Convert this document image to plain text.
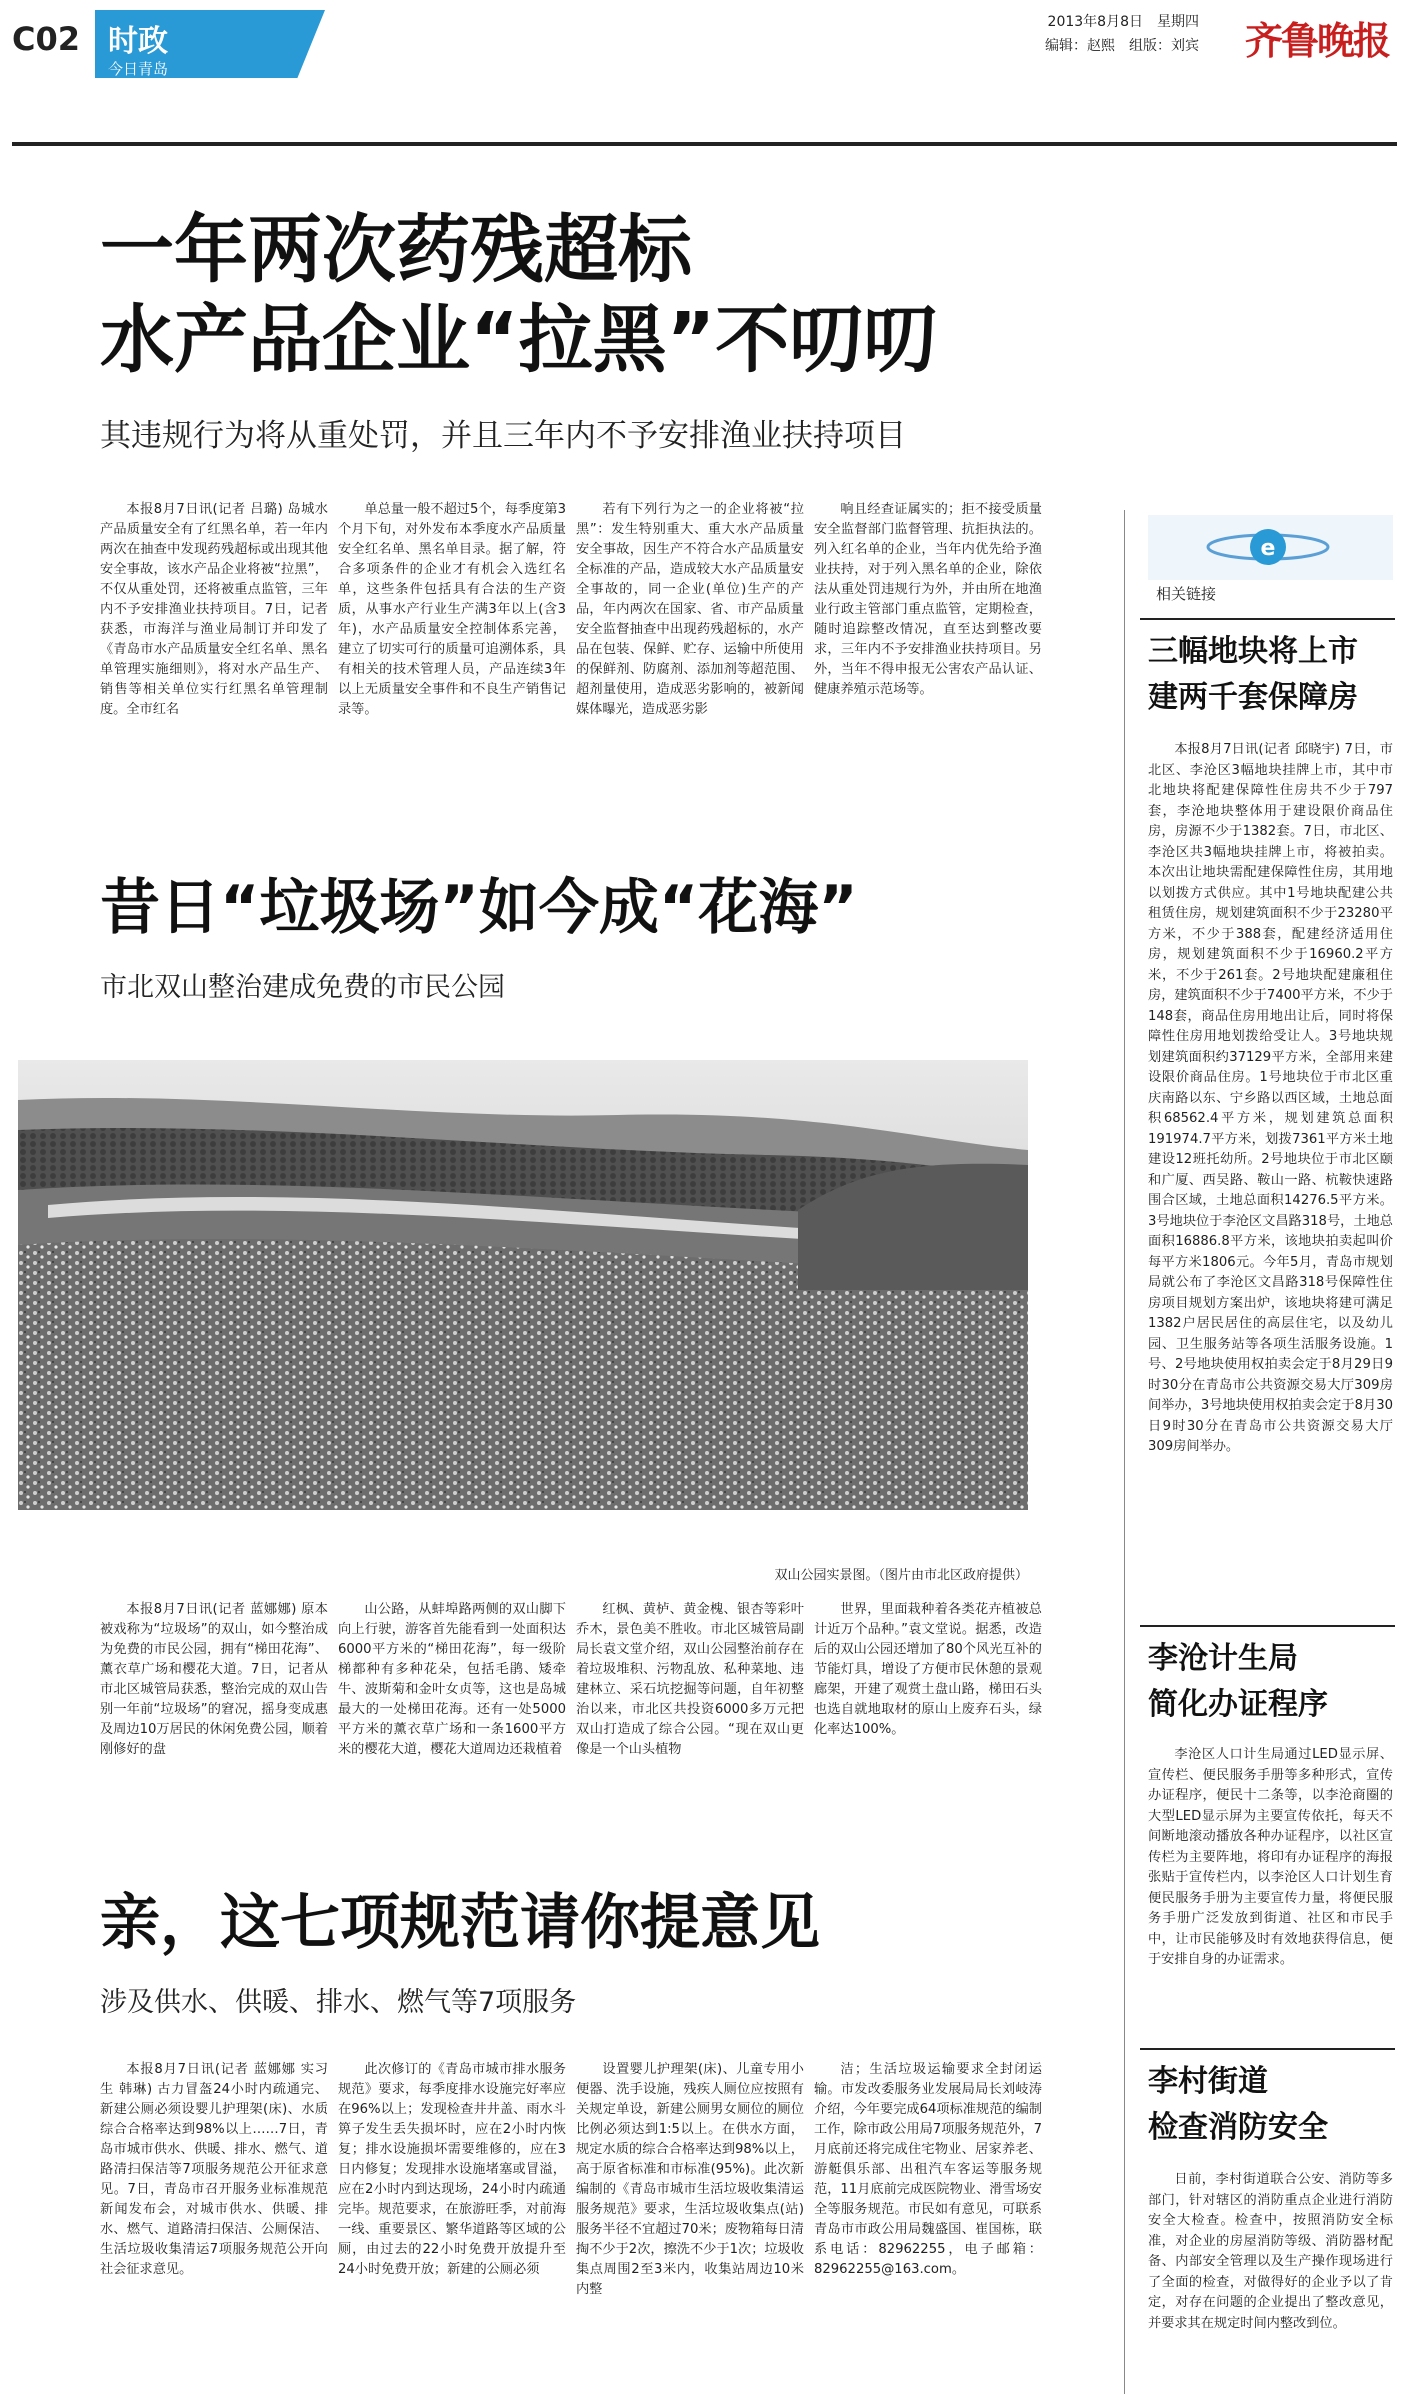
C02 时政
今日青岛
2013年8月8日 星期四
编辑：赵熙 组版：刘宾 齐鲁晚报
一年两次药残超标
水产品企业“拉黑”不叨叨
其违规行为将从重处罚，并且三年内不予安排渔业扶持项目

本报8月7日讯(记者 吕璐) 岛城水产品质量安全有了红黑名单，若一年内两次在抽查中发现药残超标或出现其他安全事故，该水产品企业将被“拉黑”，不仅从重处罚，还将被重点监管，三年内不予安排渔业扶持项目。7日，记者获悉，市海洋与渔业局制订并印发了《青岛市水产品质量安全红名单、黑名单管理实施细则》，将对水产品生产、销售等相关单位实行红黑名单管理制度。全市红名

单总量一般不超过5个，每季度第3个月下旬，对外发布本季度水产品质量安全红名单、黑名单目录。据了解，符合多项条件的企业才有机会入选红名单，这些条件包括具有合法的生产资质，从事水产行业生产满3年以上(含3年)，水产品质量安全控制体系完善，建立了切实可行的质量可追溯体系，具有相关的技术管理人员，产品连续3年以上无质量安全事件和不良生产销售记录等。

若有下列行为之一的企业将被“拉黑”：发生特别重大、重大水产品质量安全事故，因生产不符合水产品质量安全标准的产品，造成较大水产品质量安全事故的，同一企业(单位)生产的产品，年内两次在国家、省、市产品质量安全监督抽查中出现药残超标的，水产品在包装、保鲜、贮存、运输中所使用的保鲜剂、防腐剂、添加剂等超范围、超剂量使用，造成恶劣影响的，被新闻媒体曝光，造成恶劣影

响且经查证属实的；拒不接受质量安全监督部门监督管理、抗拒执法的。列入红名单的企业，当年内优先给予渔业扶持，对于列入黑名单的企业，除依法从重处罚违规行为外，并由所在地渔业行政主管部门重点监管，定期检查，随时追踪整改情况，直至达到整改要求，三年内不予安排渔业扶持项目。另外，当年不得申报无公害农产品认证、健康养殖示范场等。

昔日“垃圾场”如今成“花海”
市北双山整治建成免费的市民公园
双山公园实景图。（图片由市北区政府提供）

本报8月7日讯(记者 蓝娜娜) 原本被戏称为“垃圾场”的双山，如今整治成为免费的市民公园，拥有“梯田花海”、薰衣草广场和樱花大道。7日，记者从市北区城管局获悉，整治完成的双山告别一年前“垃圾场”的窘况，摇身变成惠及周边10万居民的休闲免费公园，顺着刚修好的盘

山公路，从蚌埠路两侧的双山脚下向上行驶，游客首先能看到一处面积达6000平方米的“梯田花海”，每一级阶梯都种有多种花朵，包括毛鹃、矮牵牛、波斯菊和金叶女贞等，这也是岛城最大的一处梯田花海。还有一处5000平方米的薰衣草广场和一条1600平方米的樱花大道，樱花大道周边还栽植着

红枫、黄栌、黄金槐、银杏等彩叶乔木，景色美不胜收。市北区城管局副局长袁文堂介绍，双山公园整治前存在着垃圾堆积、污物乱放、私种菜地、违建林立、采石坑挖掘等问题，自年初整治以来，市北区共投资6000多万元把双山打造成了综合公园。“现在双山更像是一个山头植物

世界，里面栽种着各类花卉植被总计近万个品种。”袁文堂说。据悉，改造后的双山公园还增加了80个风光互补的节能灯具，增设了方便市民休憩的景观廊架，开建了观赏土盘山路，梯田石头也选自就地取材的原山上废弃石头，绿化率达100%。

亲，这七项规范请你提意见
涉及供水、供暖、排水、燃气等7项服务

本报8月7日讯(记者 蓝娜娜 实习生 韩琳) 古力冒盔24小时内疏通完、新建公厕必须设婴儿护理架(床)、水质综合合格率达到98%以上……7日，青岛市城市供水、供暖、排水、燃气、道路清扫保洁等7项服务规范公开征求意见。7日，青岛市召开服务业标准规范新闻发布会，对城市供水、供暖、排水、燃气、道路清扫保洁、公厕保洁、生活垃圾收集清运7项服务规范公开向社会征求意见。

此次修订的《青岛市城市排水服务规范》要求，每季度排水设施完好率应在96%以上；发现检查井井盖、雨水斗箅子发生丢失损坏时，应在2小时内恢复；排水设施损坏需要维修的，应在3日内修复；发现排水设施堵塞或冒溢，应在2小时内到达现场，24小时内疏通完毕。规范要求，在旅游旺季，对前海一线、重要景区、繁华道路等区域的公厕，由过去的22小时免费开放提升至24小时免费开放；新建的公厕必须

设置婴儿护理架(床)、儿童专用小便器、洗手设施，残疾人厕位应按照有关规定单设，新建公厕男女厕位的厕位比例必须达到1:5以上。在供水方面，规定水质的综合合格率达到98%以上，高于原省标准和市标准(95%)。此次新编制的《青岛市城市生活垃圾收集清运服务规范》要求，生活垃圾收集点(站)服务半径不宜超过70米；废物箱每日清掏不少于2次，擦洗不少于1次；垃圾收集点周围2至3米内，收集站周边10米内整

洁；生活垃圾运输要求全封闭运输。市发改委服务业发展局局长刘岐涛介绍，今年要完成64项标准规范的编制工作，除市政公用局7项服务规范外，7月底前还将完成住宅物业、居家养老、游艇俱乐部、出租汽车客运等服务规范，11月底前完成医院物业、滑雪场安全等服务规范。市民如有意见，可联系青岛市市政公用局魏盛国、崔国栋，联系电话：82962255，电子邮箱：82962255@163.com。

e
相关链接
三幅地块将上市
建两千套保障房

本报8月7日讯(记者 邱晓宇) 7日，市北区、李沧区3幅地块挂牌上市，其中市北地块将配建保障性住房共不少于797套，李沧地块整体用于建设限价商品住房，房源不少于1382套。7日，市北区、李沧区共3幅地块挂牌上市，将被拍卖。本次出让地块需配建保障性住房，其用地以划拨方式供应。其中1号地块配建公共租赁住房，规划建筑面积不少于23280平方米，不少于388套，配建经济适用住房，规划建筑面积不少于16960.2平方米，不少于261套。2号地块配建廉租住房，建筑面积不少于7400平方米，不少于148套，商品住房用地出让后，同时将保障性住房用地划拨给受让人。3号地块规划建筑面积约37129平方米，全部用来建设限价商品住房。1号地块位于市北区重庆南路以东、宁乡路以西区域，土地总面积68562.4平方米，规划建筑总面积191974.7平方米，划拨7361平方米土地建设12班托幼所。2号地块位于市北区颐和广厦、西吴路、鞍山一路、杭鞍快速路围合区域，土地总面积14276.5平方米。3号地块位于李沧区文昌路318号，土地总面积16886.8平方米，该地块拍卖起叫价每平方米1806元。今年5月，青岛市规划局就公布了李沧区文昌路318号保障性住房项目规划方案出炉，该地块将建可满足1382户居民居住的高层住宅，以及幼儿园、卫生服务站等各项生活服务设施。1号、2号地块使用权拍卖会定于8月29日9时30分在青岛市公共资源交易大厅309房间举办，3号地块使用权拍卖会定于8月30日9时30分在青岛市公共资源交易大厅309房间举办。

李沧计生局
简化办证程序

李沧区人口计生局通过LED显示屏、宣传栏、便民服务手册等多种形式，宣传办证程序，便民十二条等，以李沧商圈的大型LED显示屏为主要宣传依托，每天不间断地滚动播放各种办证程序，以社区宣传栏为主要阵地，将印有办证程序的海报张贴于宣传栏内，以李沧区人口计划生育便民服务手册为主要宣传力量，将便民服务手册广泛发放到街道、社区和市民手中，让市民能够及时有效地获得信息，便于安排自身的办证需求。

李村街道
检查消防安全

日前，李村街道联合公安、消防等多部门，针对辖区的消防重点企业进行消防安全大检查。检查中，按照消防安全标准，对企业的房屋消防等级、消防器材配备、内部安全管理以及生产操作现场进行了全面的检查，对做得好的企业予以了肯定，对存在问题的企业提出了整改意见，并要求其在规定时间内整改到位。
